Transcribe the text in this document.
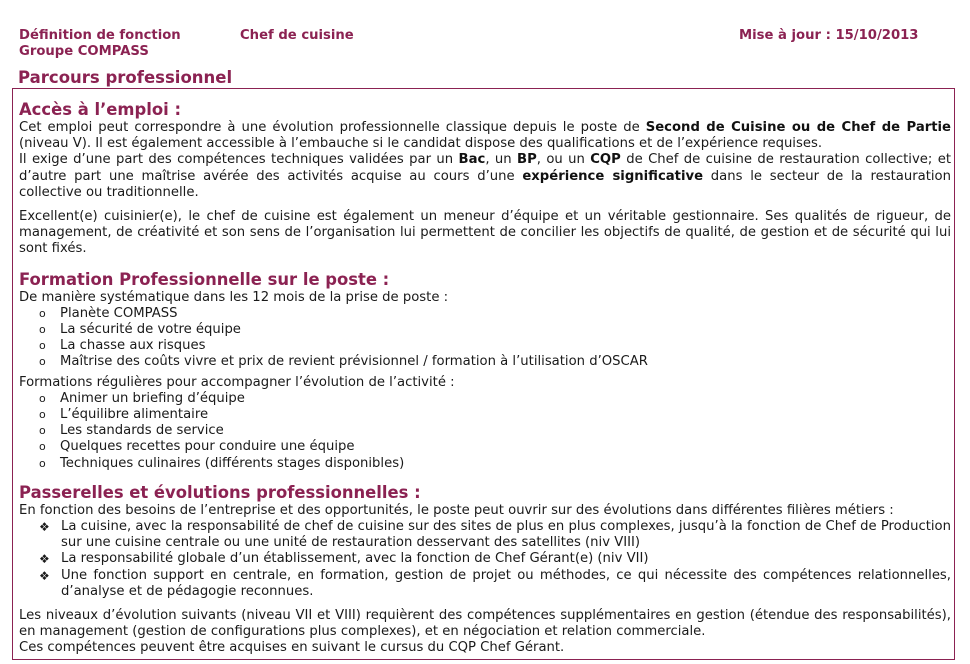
Définition de fonction
Groupe COMPASS
Chef de cuisine	Mise à jour : 15/10/2013
Parcours professionnel
Accès à l’emploi :

Cet emploi peut correspondre à une évolution professionnelle classique depuis le poste de Second de Cuisine ou de Chef de Partie (niveau V). Il est également accessible à l’embauche si le candidat dispose des qualifications et de l’expérience requises.

Il exige d’une part des compétences techniques validées par un Bac, un BP, ou un CQP de Chef de cuisine de restauration collective; et d’autre part une maîtrise avérée des activités acquise au cours d’une expérience significative dans le secteur de la restauration collective ou traditionnelle.

Excellent(e) cuisinier(e), le chef de cuisine est également un meneur d’équipe et un véritable gestionnaire. Ses qualités de rigueur, de management, de créativité et son sens de l’organisation lui permettent de concilier les objectifs de qualité, de gestion et de sécurité qui lui sont fixés.

Formation Professionnelle sur le poste :

De manière systématique dans les 12 mois de la prise de poste :

o Planète COMPASS
o La sécurité de votre équipe
o La chasse aux risques
o Maîtrise des coûts vivre et prix de revient prévisionnel / formation à l’utilisation d’OSCAR

Formations régulières pour accompagner l’évolution de l’activité :

o Animer un briefing d’équipe
o L’équilibre alimentaire
o Les standards de service
o Quelques recettes pour conduire une équipe
o Techniques culinaires (différents stages disponibles)
Passerelles et évolutions professionnelles :

En fonction des besoins de l’entreprise et des opportunités, le poste peut ouvrir sur des évolutions dans différentes filières métiers :

❖ La cuisine, avec la responsabilité de chef de cuisine sur des sites de plus en plus complexes, jusqu’à la fonction de Chef de Production sur une cuisine centrale ou une unité de restauration desservant des satellites (niv VIII)
❖ La responsabilité globale d’un établissement, avec la fonction de Chef Gérant(e) (niv VII)
❖ Une fonction support en centrale, en formation, gestion de projet ou méthodes, ce qui nécessite des compétences relationnelles, d’analyse et de pédagogie reconnues.

Les niveaux d’évolution suivants (niveau VII et VIII) requièrent des compétences supplémentaires en gestion (étendue des responsabilités), en management (gestion de configurations plus complexes), et en négociation et relation commerciale.

Ces compétences peuvent être acquises en suivant le cursus du CQP Chef Gérant.
